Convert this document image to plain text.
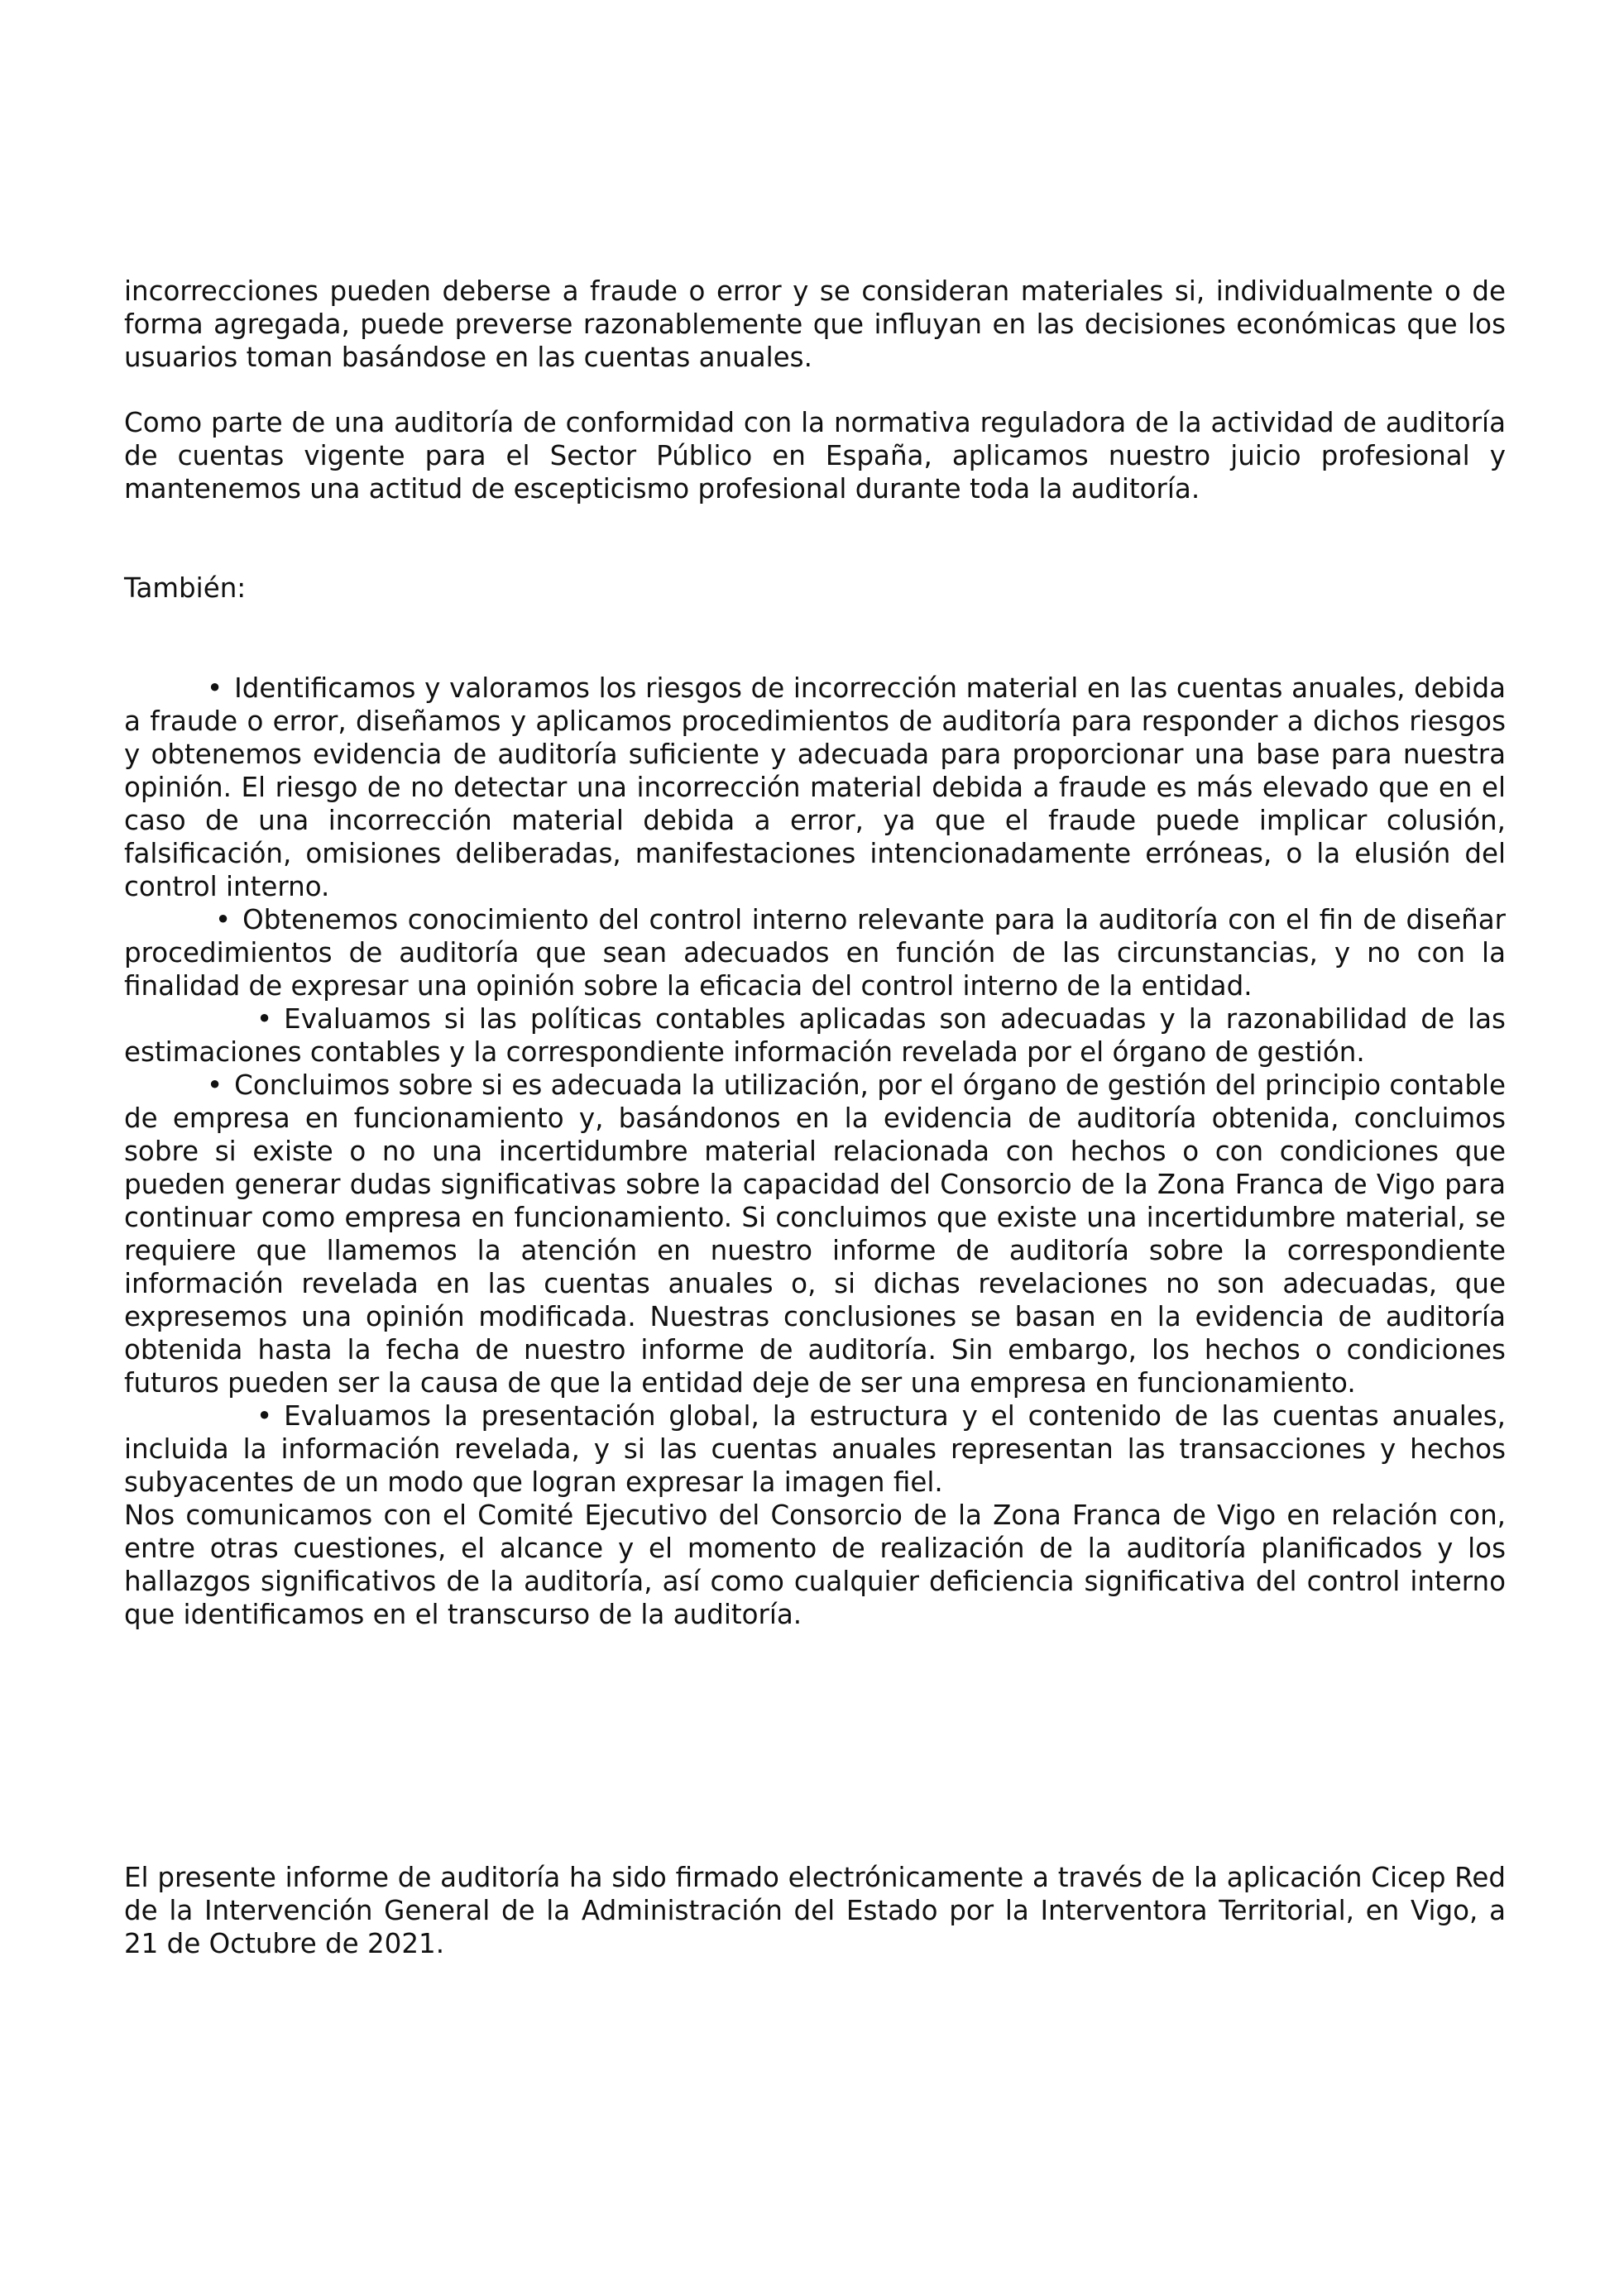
incorrecciones pueden deberse a fraude o error y se consideran materiales si, individualmente o de forma agregada, puede preverse razonablemente que influyan en las decisiones económicas que los usuarios toman basándose en las cuentas anuales.

Como parte de una auditoría de conformidad con la normativa reguladora de la actividad de auditoría de cuentas vigente para el Sector Público en España, aplicamos nuestro juicio profesional y mantenemos una actitud de escepticismo profesional durante toda la auditoría.

También:

• Identificamos y valoramos los riesgos de incorrección material en las cuentas anuales, debida a fraude o error, diseñamos y aplicamos procedimientos de auditoría para responder a dichos riesgos y obtenemos evidencia de auditoría suficiente y adecuada para proporcionar una base para nuestra opinión. El riesgo de no detectar una incorrección material debida a fraude es más elevado que en el caso de una incorrección material debida a error, ya que el fraude puede implicar colusión, falsificación, omisiones deliberadas, manifestaciones intencionadamente erróneas, o la elusión del control interno.

• Obtenemos conocimiento del control interno relevante para la auditoría con el fin de diseñar procedimientos de auditoría que sean adecuados en función de las circunstancias, y no con la finalidad de expresar una opinión sobre la eficacia del control interno de la entidad.

• Evaluamos si las políticas contables aplicadas son adecuadas y la razonabilidad de las estimaciones contables y la correspondiente información revelada por el órgano de gestión.

• Concluimos sobre si es adecuada la utilización, por el órgano de gestión del principio contable de empresa en funcionamiento y, basándonos en la evidencia de auditoría obtenida, concluimos sobre si existe o no una incertidumbre material relacionada con hechos o con condiciones que pueden generar dudas significativas sobre la capacidad del Consorcio de la Zona Franca de Vigo para continuar como empresa en funcionamiento. Si concluimos que existe una incertidumbre material, se requiere que llamemos la atención en nuestro informe de auditoría sobre la correspondiente información revelada en las cuentas anuales o, si dichas revelaciones no son adecuadas, que expresemos una opinión modificada. Nuestras conclusiones se basan en la evidencia de auditoría obtenida hasta la fecha de nuestro informe de auditoría. Sin embargo, los hechos o condiciones futuros pueden ser la causa de que la entidad deje de ser una empresa en funcionamiento.

• Evaluamos la presentación global, la estructura y el contenido de las cuentas anuales, incluida la información revelada, y si las cuentas anuales representan las transacciones y hechos subyacentes de un modo que logran expresar la imagen fiel.

Nos comunicamos con el Comité Ejecutivo del Consorcio de la Zona Franca de Vigo en relación con, entre otras cuestiones, el alcance y el momento de realización de la auditoría planificados y los hallazgos significativos de la auditoría, así como cualquier deficiencia significativa del control interno que identificamos en el transcurso de la auditoría.

El presente informe de auditoría ha sido firmado electrónicamente a través de la aplicación Cicep Red de la Intervención General de la Administración del Estado por la Interventora Territorial, en Vigo, a 21 de Octubre de 2021.
